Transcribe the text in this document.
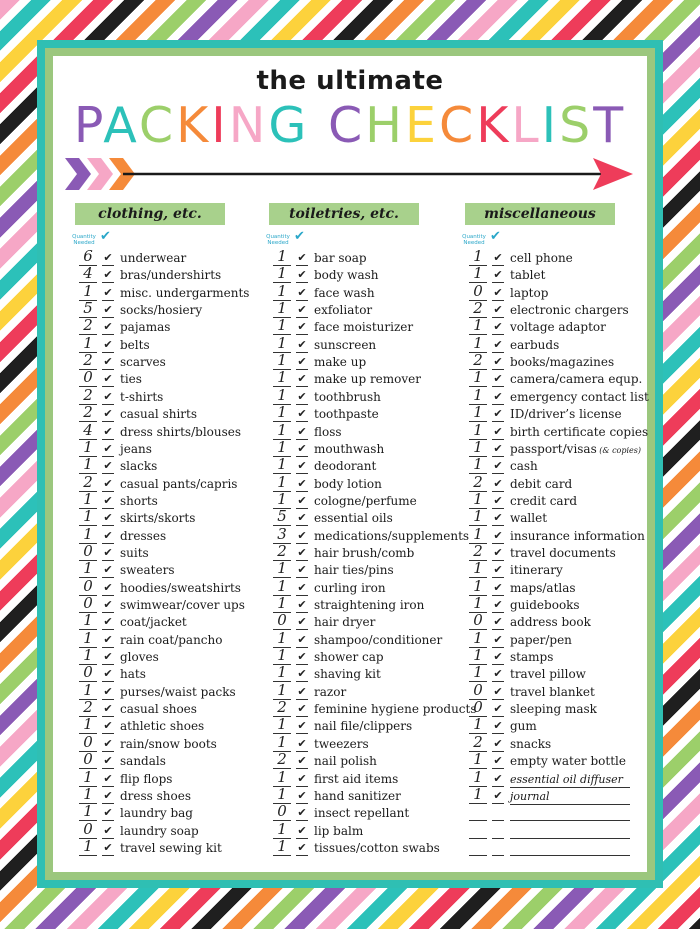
the ultimate
PACKING CHECKLIST
clothing, etc.
Quantity Needed ✔
6 ✔ underwear
4 ✔ bras/undershirts
1 ✔ misc. undergarments
5 ✔ socks/hosiery
2 ✔ pajamas
1 ✔ belts
2 ✔ scarves
0 ✔ ties
2 ✔ t-shirts
2 ✔ casual shirts
4 ✔ dress shirts/blouses
1 ✔ jeans
1 ✔ slacks
2 ✔ casual pants/capris
1 ✔ shorts
1 ✔ skirts/skorts
1 ✔ dresses
0 ✔ suits
1 ✔ sweaters
0 ✔ hoodies/sweatshirts
0 ✔ swimwear/cover ups
1 ✔ coat/jacket
1 ✔ rain coat/pancho
1 ✔ gloves
0 ✔ hats
1 ✔ purses/waist packs
2 ✔ casual shoes
1 ✔ athletic shoes
0 ✔ rain/snow boots
0 ✔ sandals
1 ✔ flip flops
1 ✔ dress shoes
1 ✔ laundry bag
0 ✔ laundry soap
1 ✔ travel sewing kit
toiletries, etc.
Quantity Needed ✔
1 ✔ bar soap
1 ✔ body wash
1 ✔ face wash
1 ✔ exfoliator
1 ✔ face moisturizer
1 ✔ sunscreen
1 ✔ make up
1 ✔ make up remover
1 ✔ toothbrush
1 ✔ toothpaste
1 ✔ floss
1 ✔ mouthwash
1 ✔ deodorant
1 ✔ body lotion
1 ✔ cologne/perfume
5 ✔ essential oils
3 ✔ medications/supplements
2 ✔ hair brush/comb
1 ✔ hair ties/pins
1 ✔ curling iron
1 ✔ straightening iron
0 ✔ hair dryer
1 ✔ shampoo/conditioner
1 ✔ shower cap
1 ✔ shaving kit
1 ✔ razor
2 ✔ feminine hygiene products
1 ✔ nail file/clippers
1 ✔ tweezers
2 ✔ nail polish
1 ✔ first aid items
1 ✔ hand sanitizer
0 ✔ insect repellant
1 ✔ lip balm
1 ✔ tissues/cotton swabs
miscellaneous
Quantity Needed ✔
1 ✔ cell phone
1 ✔ tablet
0 ✔ laptop
2 ✔ electronic chargers
1 ✔ voltage adaptor
1 ✔ earbuds
2 ✔ books/magazines
1 ✔ camera/camera equp.
1 ✔ emergency contact list
1 ✔ ID/driver’s license
1 ✔ birth certificate copies
1 ✔ passport/visas (& copies)
1 ✔ cash
2 ✔ debit card
1 ✔ credit card
1 ✔ wallet
1 ✔ insurance information
2 ✔ travel documents
1 ✔ itinerary
1 ✔ maps/atlas
1 ✔ guidebooks
0 ✔ address book
1 ✔ paper/pen
1 ✔ stamps
1 ✔ travel pillow
0 ✔ travel blanket
0 ✔ sleeping mask
1 ✔ gum
2 ✔ snacks
1 ✔ empty water bottle
1 ✔ essential oil diffuser
1 ✔ journal
